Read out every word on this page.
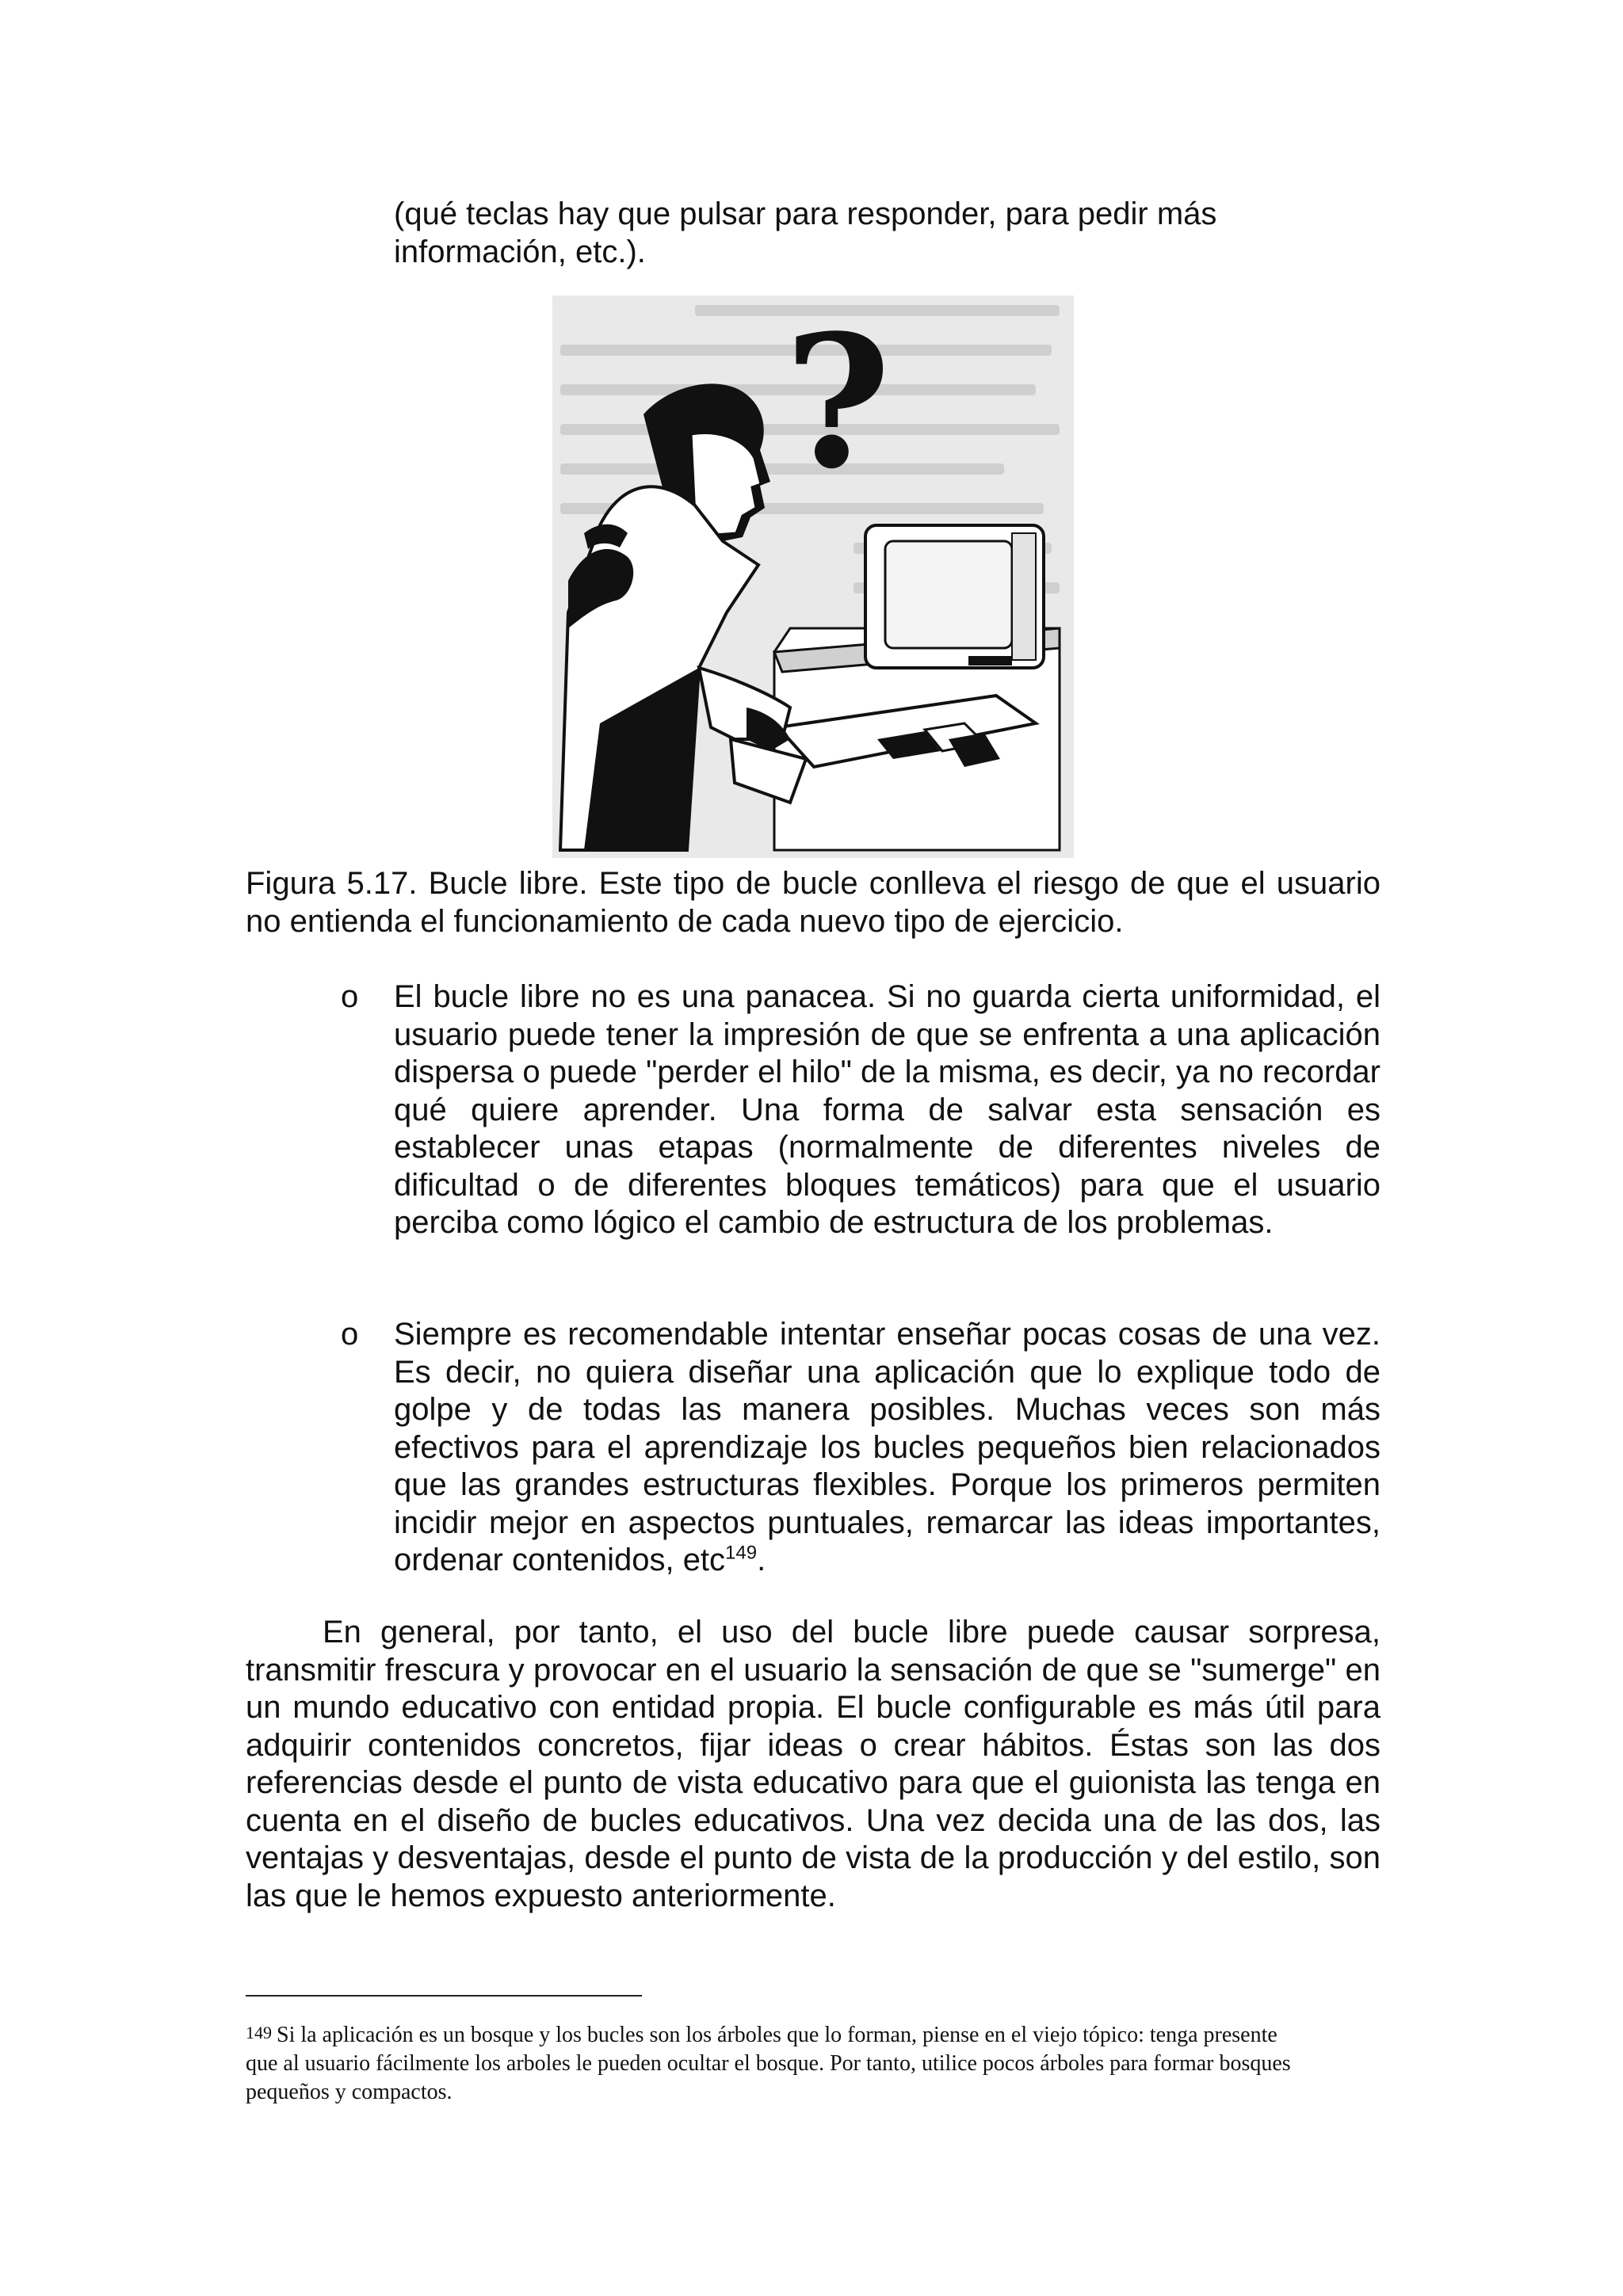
(qué teclas hay que pulsar para responder, para pedir más
información, etc.).

?

Figura 5.17. Bucle libre. Este tipo de bucle conlleva el riesgo de que el usuario no entienda el funcionamiento de cada nuevo tipo de ejercicio.

o	El bucle libre no es una panacea. Si no guarda cierta uniformidad, el usuario puede tener la impresión de que se enfrenta a una aplicación dispersa o puede "perder el hilo" de la misma, es decir, ya no recordar qué quiere aprender. Una forma de salvar esta sensación es establecer unas etapas (normalmente de diferentes niveles de dificultad o de diferentes bloques temáticos) para que el usuario perciba como lógico el cambio de estructura de los problemas.

o	Siempre es recomendable intentar enseñar pocas cosas de una vez. Es decir, no quiera diseñar una aplicación que lo explique todo de golpe y de todas las manera posibles. Muchas veces son más efectivos para el aprendizaje los bucles pequeños bien relacionados que las grandes estructuras flexibles. Porque los primeros permiten incidir mejor en aspectos puntuales, remarcar las ideas importantes, ordenar contenidos, etc$^{149}$.

En general, por tanto, el uso del bucle libre puede causar sorpresa, transmitir frescura y provocar en el usuario la sensación de que se "sumerge" en un mundo educativo con entidad propia. El bucle configurable es más útil para adquirir contenidos concretos, fijar ideas o crear hábitos. Éstas son las dos referencias desde el punto de vista educativo para que el guionista las tenga en cuenta en el diseño de bucles educativos. Una vez decida una de las dos, las ventajas y desventajas, desde el punto de vista de la producción y del estilo, son las que le hemos expuesto anteriormente.

149 Si la aplicación es un bosque y los bucles son los árboles que lo forman, piense en el viejo tópico: tenga presente que al usuario fácilmente los arboles le pueden ocultar el bosque. Por tanto, utilice pocos árboles para formar bosques pequeños y compactos.
